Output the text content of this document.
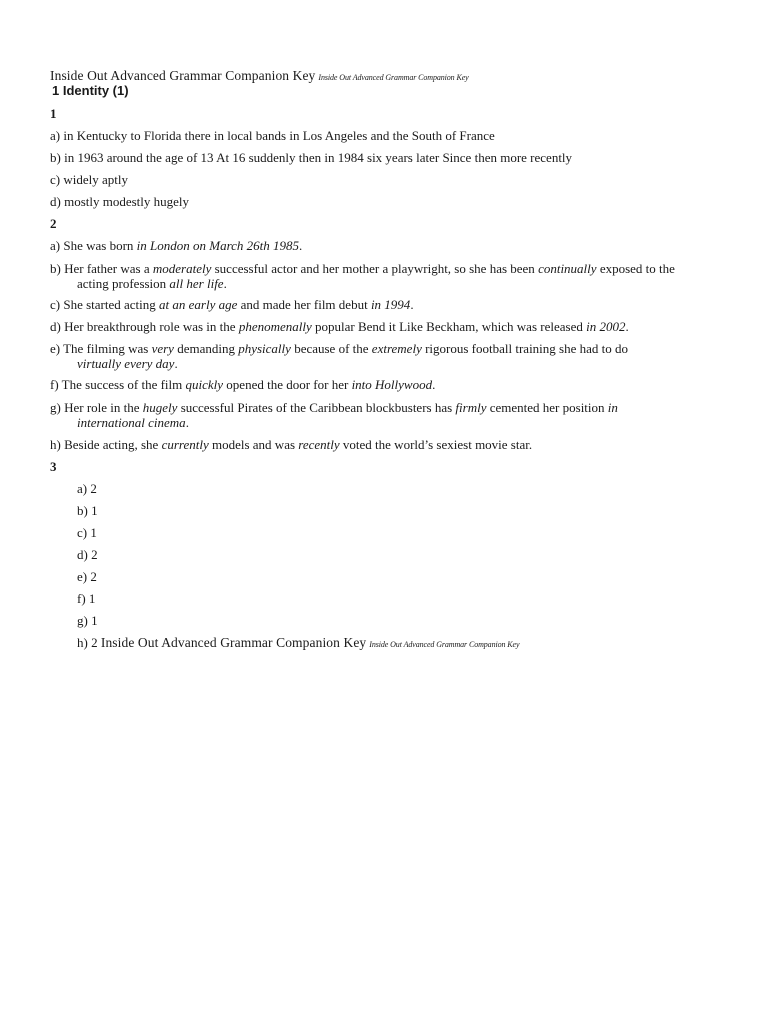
Inside Out Advanced Grammar Companion Key Inside Out Advanced Grammar Companion Key
1 Identity (1)
1
a) in Kentucky to Florida there in local bands in Los Angeles and the South of France
b) in 1963 around the age of 13 At 16 suddenly then in 1984 six years later Since then more recently
c) widely aptly
d) mostly modestly hugely
2
a) She was born in London on March 26th 1985.
b) Her father was a moderately successful actor and her mother a playwright, so she has been continually exposed to the
acting profession all her life.
c) She started acting at an early age and made her film debut in 1994.
d) Her breakthrough role was in the phenomenally popular Bend it Like Beckham, which was released in 2002.
e) The filming was very demanding physically because of the extremely rigorous football training she had to do
virtually every day.
f) The success of the film quickly opened the door for her into Hollywood.
g) Her role in the hugely successful Pirates of the Caribbean blockbusters has firmly cemented her position in
international cinema.
h) Beside acting, she currently models and was recently voted the world’s sexiest movie star.
3
a) 2
b) 1
c) 1
d) 2
e) 2
f) 1
g) 1
h) 2 Inside Out Advanced Grammar Companion Key Inside Out Advanced Grammar Companion Key
